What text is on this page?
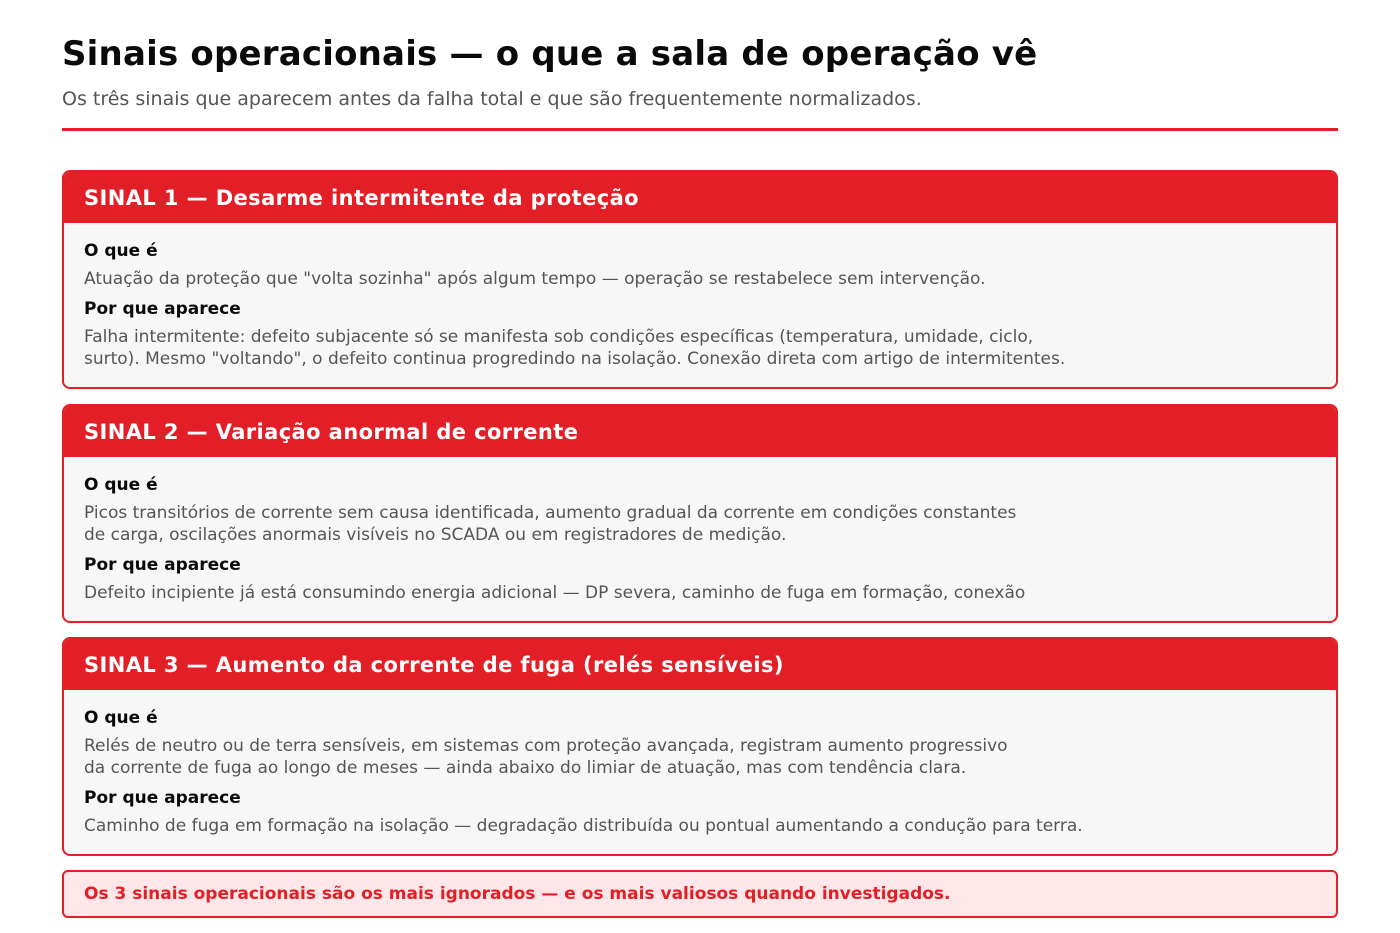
Sinais operacionais — o que a sala de operação vê

Os três sinais que aparecem antes da falha total e que são frequentemente normalizados.

SINAL 1 — Desarme intermitente da proteção

O que é

Atuação da proteção que "volta sozinha" após algum tempo — operação se restabelece sem intervenção.

Por que aparece

Falha intermitente: defeito subjacente só se manifesta sob condições específicas (temperatura, umidade, ciclo,
surto). Mesmo "voltando", o defeito continua progredindo na isolação. Conexão direta com artigo de intermitentes.

SINAL 2 — Variação anormal de corrente

O que é

Picos transitórios de corrente sem causa identificada, aumento gradual da corrente em condições constantes
de carga, oscilações anormais visíveis no SCADA ou em registradores de medição.

Por que aparece

Defeito incipiente já está consumindo energia adicional — DP severa, caminho de fuga em formação, conexão

SINAL 3 — Aumento da corrente de fuga (relés sensíveis)

O que é

Relés de neutro ou de terra sensíveis, em sistemas com proteção avançada, registram aumento progressivo
da corrente de fuga ao longo de meses — ainda abaixo do limiar de atuação, mas com tendência clara.

Por que aparece

Caminho de fuga em formação na isolação — degradação distribuída ou pontual aumentando a condução para terra.

Os 3 sinais operacionais são os mais ignorados — e os mais valiosos quando investigados.
